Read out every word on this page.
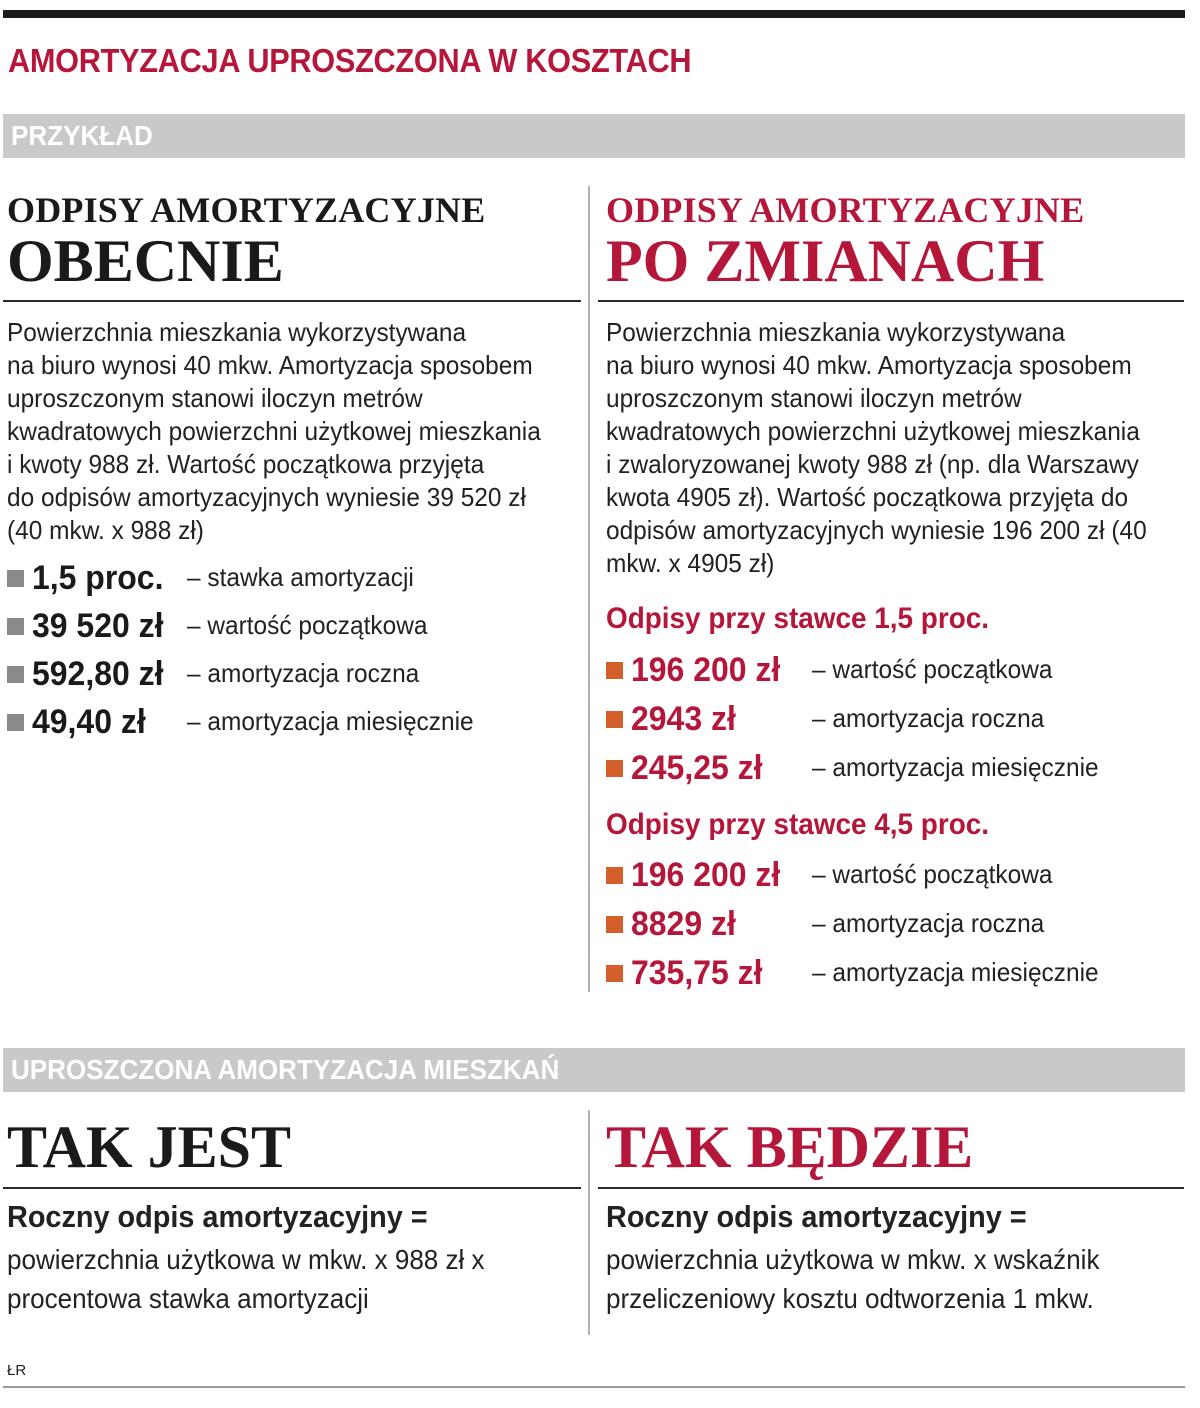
AMORTYZACJA UPROSZCZONA W KOSZTACH
PRZYKŁAD
ODPISY AMORTYZACYJNE
OBECNIE
Powierzchnia mieszkania wykorzystywana
na biuro wynosi 40 mkw. Amortyzacja sposobem
uproszczonym stanowi iloczyn metrów
kwadratowych powierzchni użytkowej mieszkania
i kwoty 988 zł. Wartość początkowa przyjęta
do odpisów amortyzacyjnych wyniesie 39 520 zł
(40 mkw. x 988 zł)
1,5 proc. – stawka amortyzacji
39 520 zł – wartość początkowa
592,80 zł – amortyzacja roczna
49,40 zł – amortyzacja miesięcznie
ODPISY AMORTYZACYJNE
PO ZMIANACH
Powierzchnia mieszkania wykorzystywana
na biuro wynosi 40 mkw. Amortyzacja sposobem
uproszczonym stanowi iloczyn metrów
kwadratowych powierzchni użytkowej mieszkania
i zwaloryzowanej kwoty 988 zł (np. dla Warszawy
kwota 4905 zł). Wartość początkowa przyjęta do
odpisów amortyzacyjnych wyniesie 196 200 zł (40
mkw. x 4905 zł)
Odpisy przy stawce 1,5 proc.
196 200 zł – wartość początkowa
2943 zł	– amortyzacja roczna
245,25 zł – amortyzacja miesięcznie
Odpisy przy stawce 4,5 proc.
196 200 zł – wartość początkowa
8829 zł	– amortyzacja roczna
735,75 zł – amortyzacja miesięcznie
UPROSZCZONA AMORTYZACJA MIESZKAŃ
TAK JEST
Roczny odpis amortyzacyjny =
powierzchnia użytkowa w mkw. x 988 zł x
procentowa stawka amortyzacji
TAK BĘDZIE
Roczny odpis amortyzacyjny =
powierzchnia użytkowa w mkw. x wskaźnik
przeliczeniowy kosztu odtworzenia 1 mkw.
ŁR
